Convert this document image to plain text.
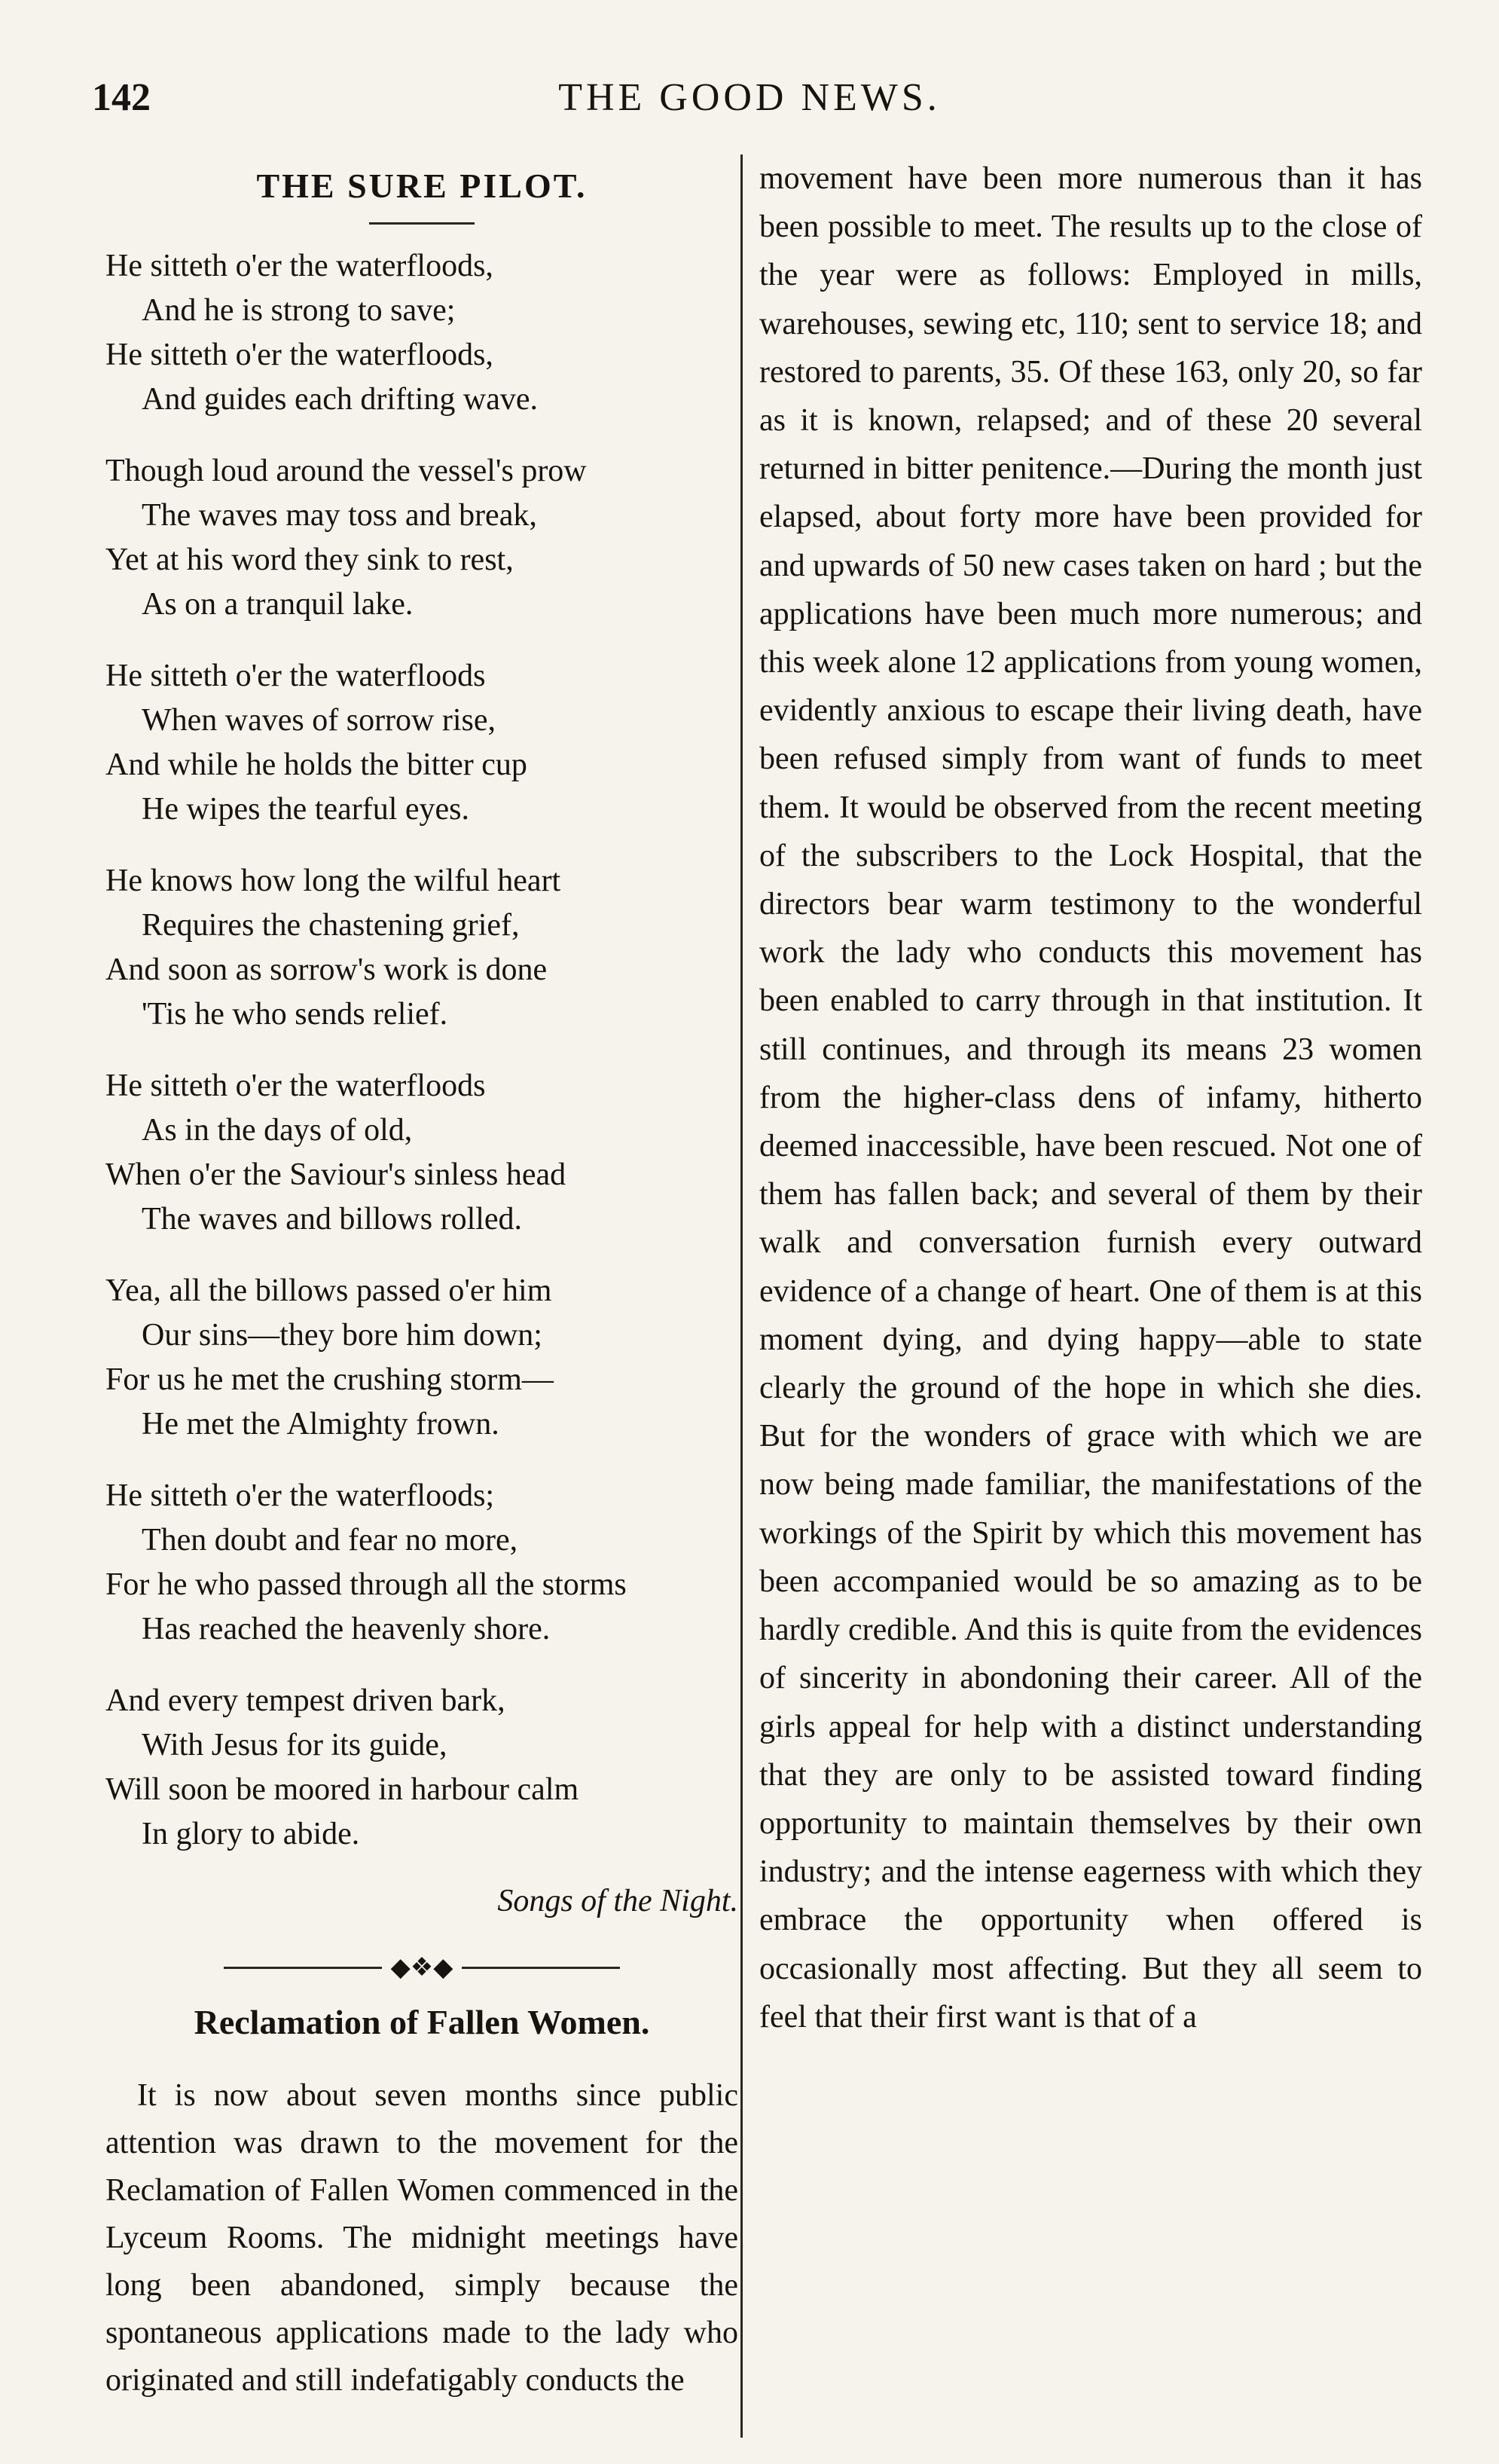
142	THE GOOD NEWS.
THE SURE PILOT.
He sitteth o'er the waterfloods,
And he is strong to save;
He sitteth o'er the waterfloods,
And guides each drifting wave.
Though loud around the vessel's prow
The waves may toss and break,
Yet at his word they sink to rest,
As on a tranquil lake.
He sitteth o'er the waterfloods
When waves of sorrow rise,
And while he holds the bitter cup
He wipes the tearful eyes.
He knows how long the wilful heart
Requires the chastening grief,
And soon as sorrow's work is done
'Tis he who sends relief.
He sitteth o'er the waterfloods
As in the days of old,
When o'er the Saviour's sinless head
The waves and billows rolled.
Yea, all the billows passed o'er him
Our sins—they bore him down;
For us he met the crushing storm—
He met the Almighty frown.
He sitteth o'er the waterfloods;
Then doubt and fear no more,
For he who passed through all the storms
Has reached the heavenly shore.
And every tempest driven bark,
With Jesus for its guide,
Will soon be moored in harbour calm
In glory to abide.
Songs of the Night.
◆❖◆
Reclamation of Fallen Women.

It is now about seven months since public attention was drawn to the movement for the Reclamation of Fallen Women commenced in the Lyceum Rooms. The midnight meetings have long been abandoned, simply because the spontaneous applications made to the lady who originated and still indefatigably conducts the

movement have been more numerous than it has been possible to meet. The results up to the close of the year were as follows: Employed in mills, warehouses, sewing etc, 110; sent to service 18; and restored to parents, 35. Of these 163, only 20, so far as it is known, relapsed; and of these 20 several returned in bitter penitence.—During the month just elapsed, about forty more have been provided for and upwards of 50 new cases taken on hard ; but the applications have been much more numerous; and this week alone 12 applications from young women, evidently anxious to escape their living death, have been refused simply from want of funds to meet them. It would be observed from the recent meeting of the subscribers to the Lock Hospital, that the directors bear warm testimony to the wonderful work the lady who conducts this movement has been enabled to carry through in that institution. It still continues, and through its means 23 women from the higher-class dens of infamy, hitherto deemed inaccessible, have been rescued. Not one of them has fallen back; and several of them by their walk and conversation furnish every outward evidence of a change of heart. One of them is at this moment dying, and dying happy—able to state clearly the ground of the hope in which she dies. But for the wonders of grace with which we are now being made familiar, the manifestations of the workings of the Spirit by which this movement has been accompanied would be so amazing as to be hardly credible. And this is quite from the evidences of sincerity in abondoning their career. All of the girls appeal for help with a distinct understanding that they are only to be assisted toward finding opportunity to maintain themselves by their own industry; and the intense eagerness with which they embrace the opportunity when offered is occasionally most affecting. But they all seem to feel that their first want is that of a
